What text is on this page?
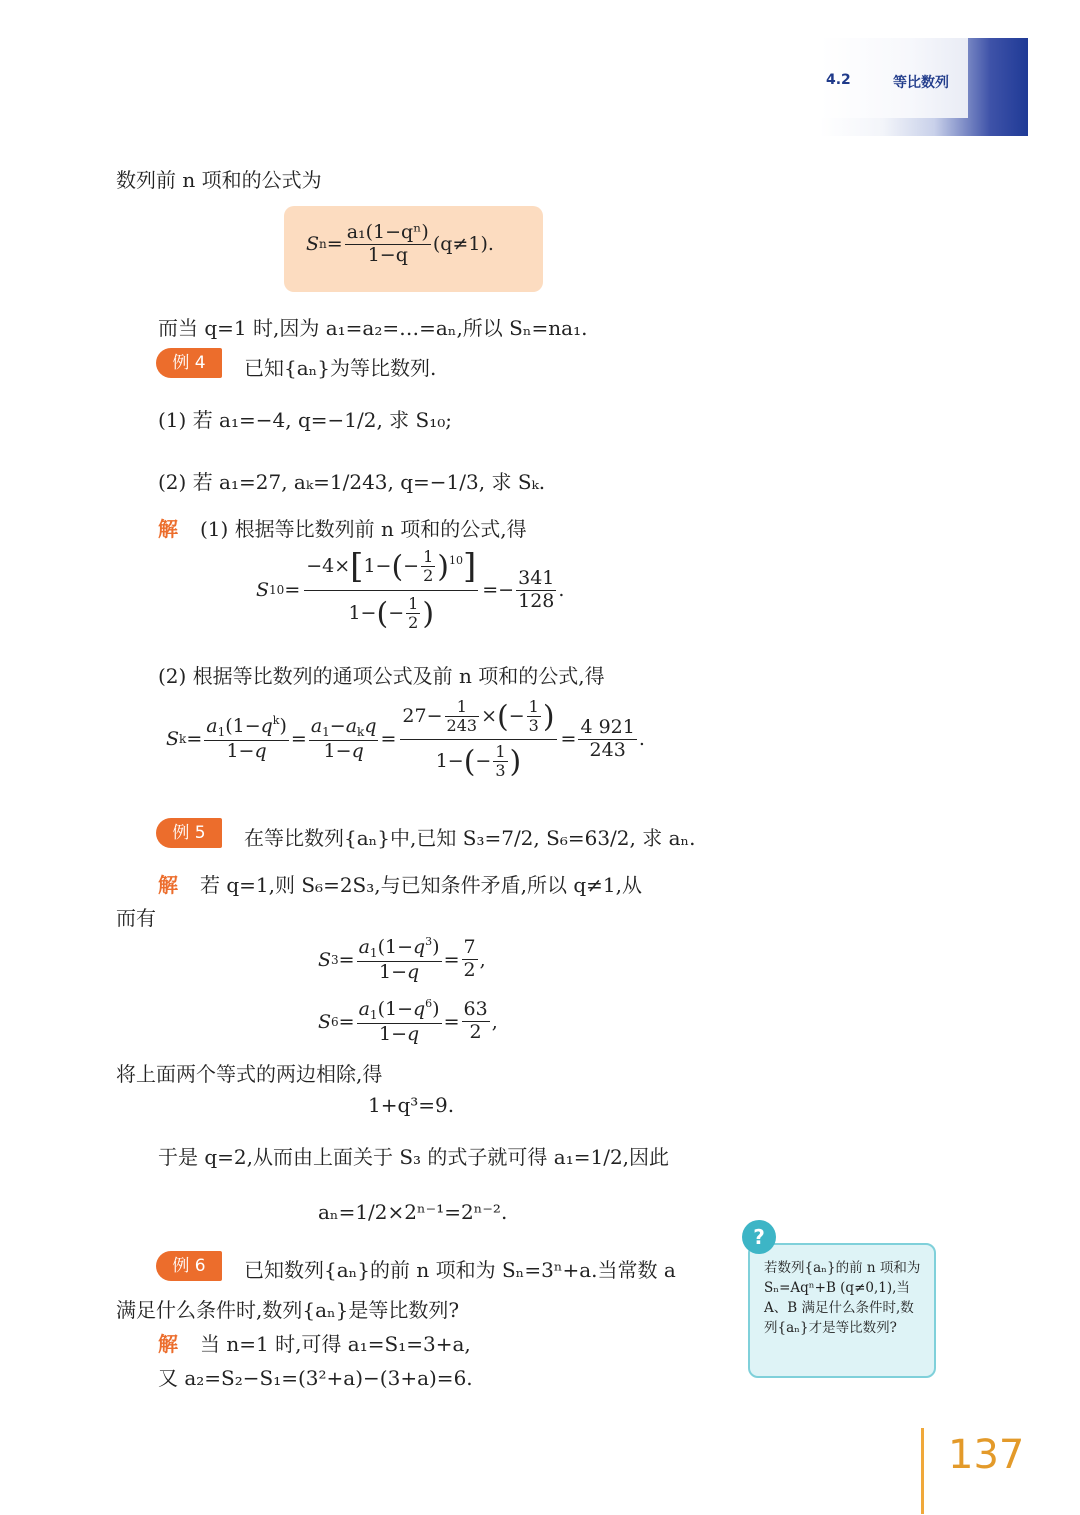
4.2	等比数列
数列前 n 项和的公式为
S $n = \frac{\text{a₁(1−qⁿ)}}{1-q} (q\ne 1)$.
而当 q=1 时,因为 a₁=a₂=…=aₙ,所以 Sₙ=na₁.
例 4	已知{aₙ}为等比数列.
(1) 若 a₁=−4, q=−1/2, 求 S₁₀;
(2) 若 a₁=27, aₖ=1/243, q=−1/3, 求 Sₖ.
解 (1) 根据等比数列前 n 项和的公式,得
S $10 = \frac{-4\times[1-(- \frac{1}{2} )^{10}]}{1-(- \frac{1}{2} )} =- \frac{341}{128}$ .
(2) 根据等比数列的通项公式及前 n 项和的公式,得
S $k = \frac{a_1(1-q^k)}{1-q} = \frac{a_1-a_kq}{1-q} = \frac{27- \frac{1}{243} \times(- \frac{1}{3} )}{1-(- \frac{1}{3} )} = \frac{4 921}{243}$ .
例 5	在等比数列{aₙ}中,已知 S₃=7/2, S₆=63/2, 求 aₙ.
解 若 q=1,则 S₆=2S₃,与已知条件矛盾,所以 q≠1,从
而有
S $3 = \frac{a_1(1-q^3)}{1-q} = \frac{7}{2}$ ,
S $6 = \frac{a_1(1-q^6)}{1-q} = \frac{63}{2}$ ,
将上面两个等式的两边相除,得
1+q³=9.
于是 q=2,从而由上面关于 S₃ 的式子就可得 a₁=1/2,因此
aₙ=1/2×2ⁿ⁻¹=2ⁿ⁻².
例 6	已知数列{aₙ}的前 n 项和为 Sₙ=3ⁿ+a.当常数 a
满足什么条件时,数列{aₙ}是等比数列?
解 当 n=1 时,可得 a₁=S₁=3+a,
又 a₂=S₂−S₁=(3²+a)−(3+a)=6.
?
若数列{aₙ}的前 n 项和为 Sₙ=Aqⁿ+B (q≠0,1),当 A、B 满足什么条件时,数列{aₙ}才是等比数列?
137
